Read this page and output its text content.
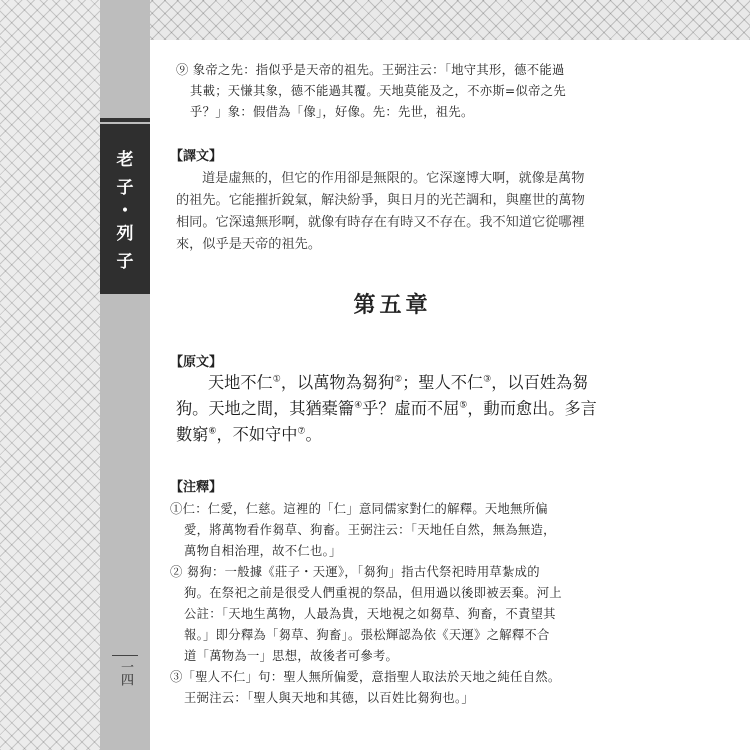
老
子
•
列
子
一四

⑨ 象帝之先：指似乎是天帝的祖先。王弼注云：「地守其形，德不能過

其載；天慊其象，德不能過其覆。天地莫能及之，不亦斯=似帝之先

乎？」象：假借為「像」，好像。先：先世，祖先。

【譯文】

道是虛無的，但它的作用卻是無限的。它深邃博大啊，就像是萬物

的祖先。它能摧折銳氣，解決紛爭，與日月的光芒調和，與塵世的萬物

相同。它深遠無形啊，就像有時存在有時又不存在。我不知道它從哪裡

來，似乎是天帝的祖先。

第五章

【原文】

天地不仁①，以萬物為芻狗②；聖人不仁③，以百姓為芻

狗。天地之間，其猶橐籥④乎？虛而不屈⑤，動而愈出。多言

數窮⑥，不如守中⑦。

【注釋】

①仁：仁愛，仁慈。這裡的「仁」意同儒家對仁的解釋。天地無所偏

愛，將萬物看作芻草、狗畜。王弼注云：「天地任自然，無為無造，

萬物自相治理，故不仁也。」

② 芻狗：一般據《莊子・天運》，「芻狗」指古代祭祀時用草紮成的

狗。在祭祀之前是很受人們重視的祭品，但用過以後即被丟棄。河上

公註：「天地生萬物，人最為貴，天地視之如芻草、狗畜，不責望其

報。」即分釋為「芻草、狗畜」。張松輝認為依《天運》之解釋不合

道「萬物為一」思想，故後者可參考。

③「聖人不仁」句：聖人無所偏愛，意指聖人取法於天地之純任自然。

王弼注云：「聖人與天地和其德，以百姓比芻狗也。」
